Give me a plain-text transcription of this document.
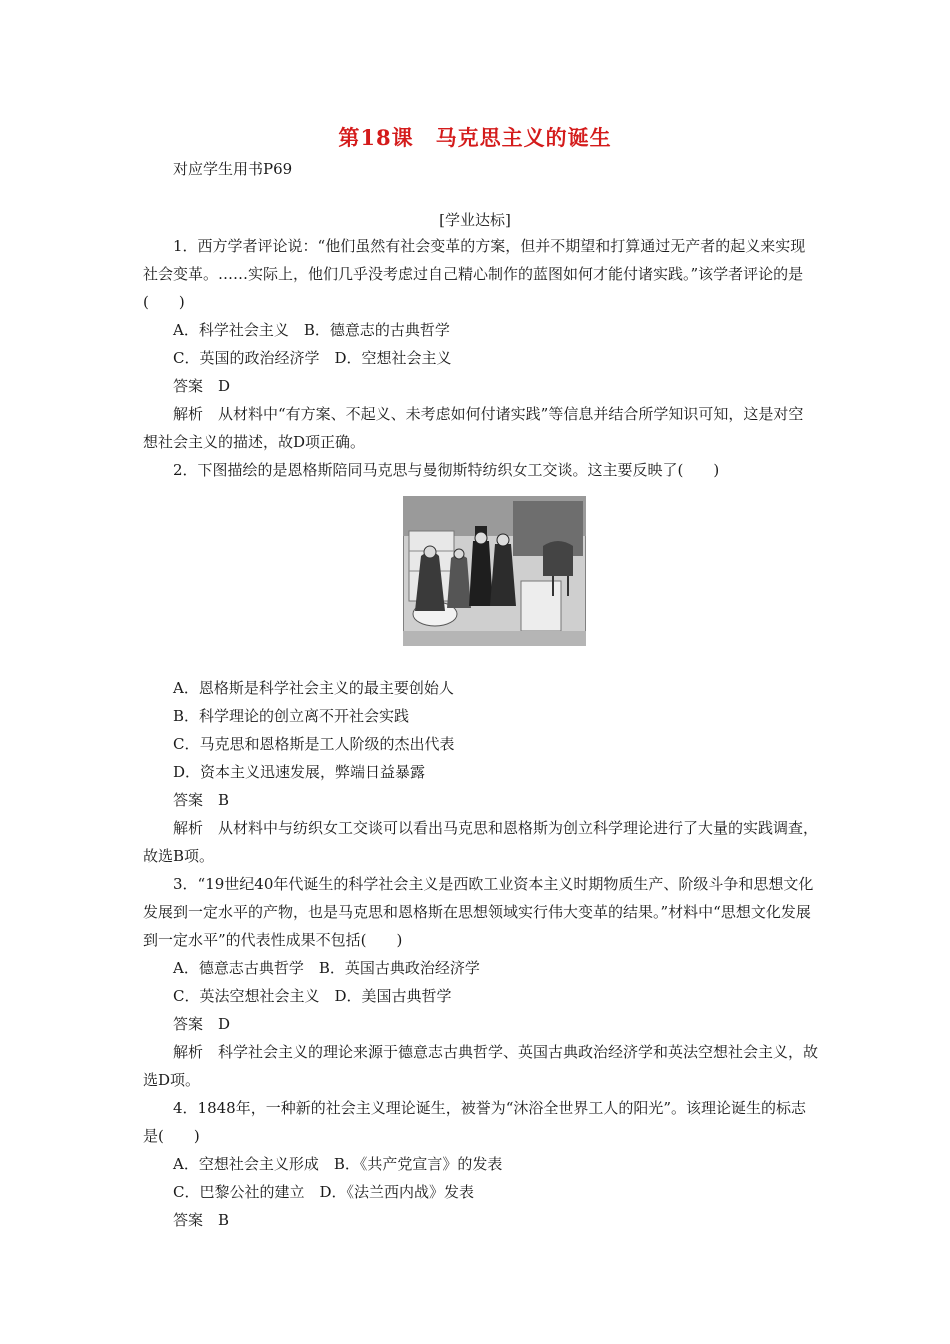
第18课　马克思主义的诞生
对应学生用书P69
[学业达标]

1．西方学者评论说：“他们虽然有社会变革的方案，但并不期望和打算通过无产者的起义来实现社会变革。……实际上，他们几乎没考虑过自己精心制作的蓝图如何才能付诸实践。”该学者评论的是(　　)

A．科学社会主义　B．德意志的古典哲学

C．英国的政治经济学　D．空想社会主义

答案　D

解析　从材料中“有方案、不起义、未考虑如何付诸实践”等信息并结合所学知识可知，这是对空想社会主义的描述，故D项正确。

2．下图描绘的是恩格斯陪同马克思与曼彻斯特纺织女工交谈。这主要反映了(　　)

A．恩格斯是科学社会主义的最主要创始人

B．科学理论的创立离不开社会实践

C．马克思和恩格斯是工人阶级的杰出代表

D．资本主义迅速发展，弊端日益暴露

答案　B

解析　从材料中与纺织女工交谈可以看出马克思和恩格斯为创立科学理论进行了大量的实践调查，故选B项。

3．“19世纪40年代诞生的科学社会主义是西欧工业资本主义时期物质生产、阶级斗争和思想文化发展到一定水平的产物，也是马克思和恩格斯在思想领域实行伟大变革的结果。”材料中“思想文化发展到一定水平”的代表性成果不包括(　　)

A．德意志古典哲学　B．英国古典政治经济学

C．英法空想社会主义　D．美国古典哲学

答案　D

解析　科学社会主义的理论来源于德意志古典哲学、英国古典政治经济学和英法空想社会主义，故选D项。

4．1848年，一种新的社会主义理论诞生，被誉为“沐浴全世界工人的阳光”。该理论诞生的标志是(　　)

A．空想社会主义形成　B．《共产党宣言》的发表

C．巴黎公社的建立　D．《法兰西内战》发表

答案　B
